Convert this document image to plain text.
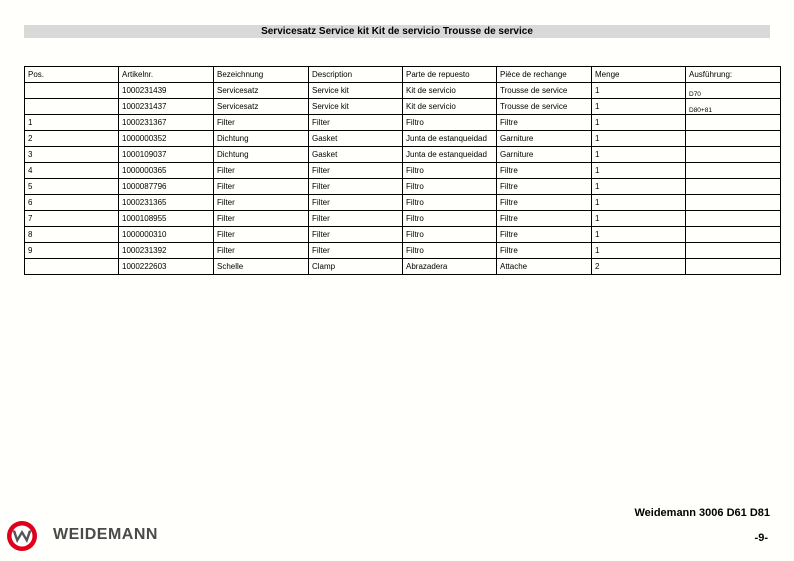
Servicesatz Service kit Kit de servicio Trousse de service
Pos.	Artikelnr.	Bezeichnung	Description	Parte de repuesto	Pièce de rechange	Menge	Ausführung:
	1000231439	Servicesatz	Service kit	Kit de servicio	Trousse de service	1	D70
	1000231437	Servicesatz	Service kit	Kit de servicio	Trousse de service	1	D80+81
1	1000231367	Filter	Filter	Filtro	Filtre	1	
2	1000000352	Dichtung	Gasket	Junta de estanqueidad	Garniture	1	
3	1000109037	Dichtung	Gasket	Junta de estanqueidad	Garniture	1	
4	1000000365	Filter	Filter	Filtro	Filtre	1	
5	1000087796	Filter	Filter	Filtro	Filtre	1	
6	1000231365	Filter	Filter	Filtro	Filtre	1	
7	1000108955	Filter	Filter	Filtro	Filtre	1	
8	1000000310	Filter	Filter	Filtro	Filtre	1	
9	1000231392	Filter	Filter	Filtro	Filtre	1	
	1000222603	Schelle	Clamp	Abrazadera	Attache	2	
WEIDEMANN
Weidemann 3006 D61 D81
-9-
